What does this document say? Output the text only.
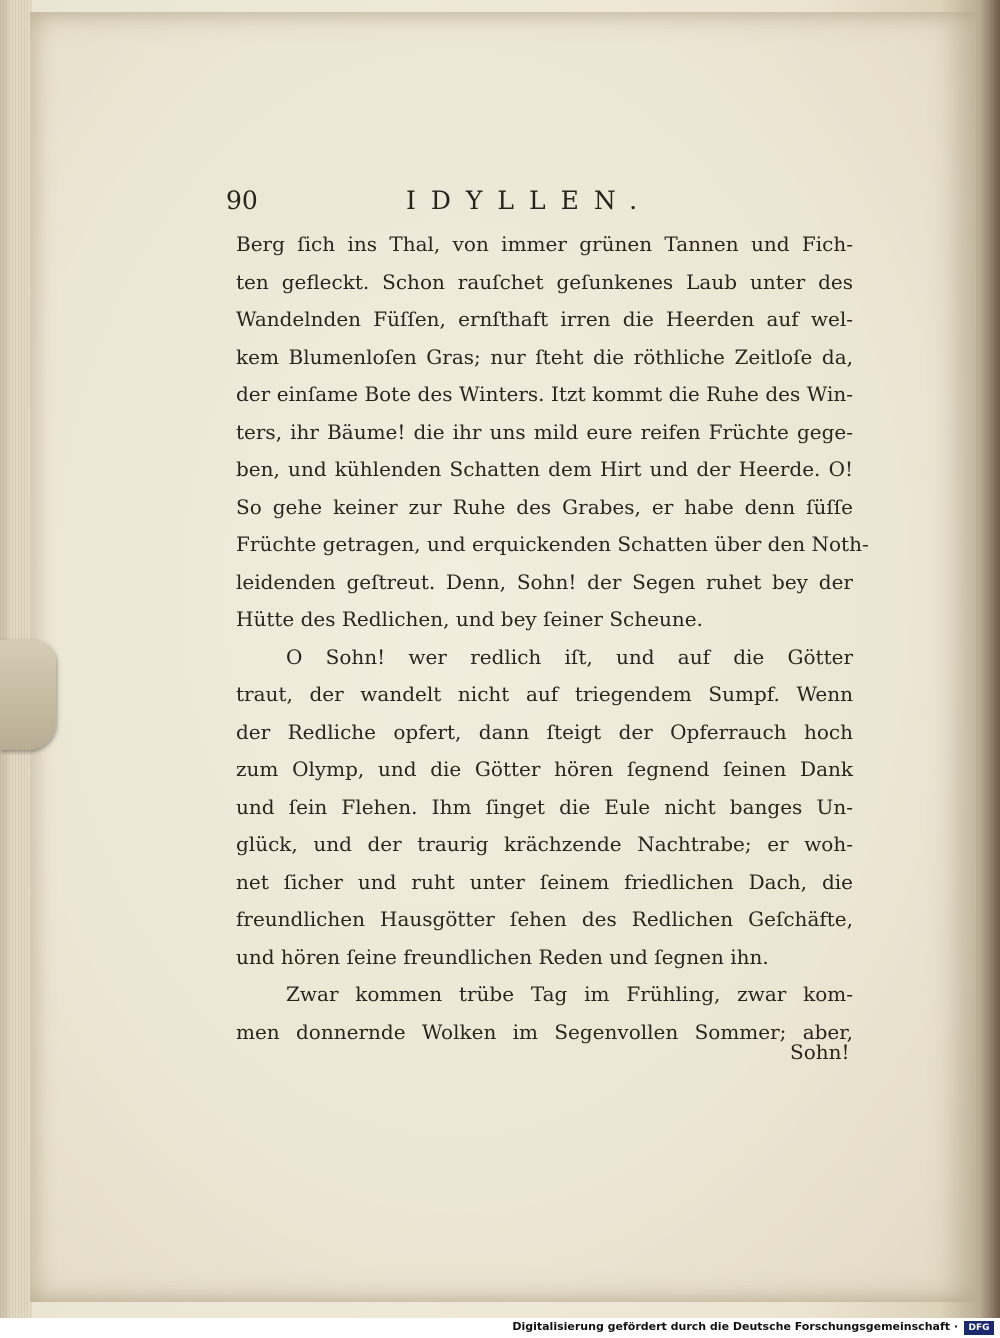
90	IDYLLEN.
Berg ſich ins Thal, von immer grünen Tannen und Fich-
ten gefleckt. Schon rauſchet geſunkenes Laub unter des
Wandelnden Füſſen, ernſthaft irren die Heerden auf wel-
kem Blumenloſen Gras; nur ſteht die röthliche Zeitloſe da,
der einſame Bote des Winters. Itzt kommt die Ruhe des Win-
ters, ihr Bäume! die ihr uns mild eure reifen Früchte gege-
ben, und kühlenden Schatten dem Hirt und der Heerde. O!
So gehe keiner zur Ruhe des Grabes, er habe denn ſüſſe
Früchte getragen, und erquickenden Schatten über den Noth-
leidenden geſtreut. Denn, Sohn! der Segen ruhet bey der
Hütte des Redlichen, und bey ſeiner Scheune.
O Sohn! wer redlich iſt, und auf die Götter
traut, der wandelt nicht auf triegendem Sumpf. Wenn
der Redliche opfert, dann ſteigt der Opferrauch hoch
zum Olymp, und die Götter hören ſegnend ſeinen Dank
und ſein Flehen. Ihm ſinget die Eule nicht banges Un-
glück, und der traurig krächzende Nachtrabe; er woh-
net ſicher und ruht unter ſeinem friedlichen Dach, die
freundlichen Hausgötter ſehen des Redlichen Geſchäfte,
und hören ſeine freundlichen Reden und ſegnen ihn.
Zwar kommen trübe Tag im Frühling, zwar kom-
men donnernde Wolken im Segenvollen Sommer; aber,
Sohn!
Digitalisierung gefördert durch die Deutsche Forschungsgemeinschaft ·	DFG
